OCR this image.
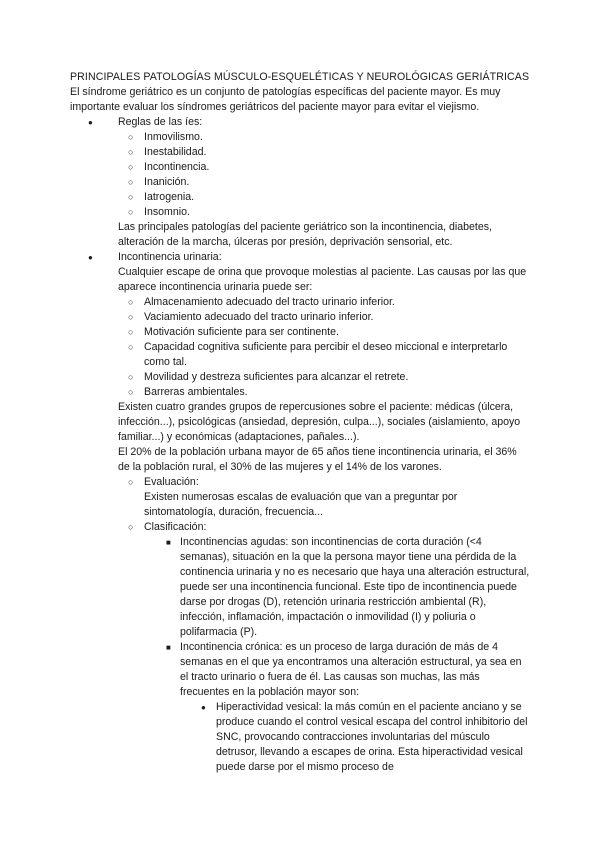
PRINCIPALES PATOLOGÍAS MÚSCULO-ESQUELÉTICAS Y NEUROLÓGICAS GERIÁTRICAS

El síndrome geriátrico es un conjunto de patologías específicas del paciente mayor. Es muy importante evaluar los síndromes geriátricos del paciente mayor para evitar el viejismo.

● Reglas de las íes:
○ Inmovilismo.
○ Inestabilidad.
○ Incontinencia.
○ Inanición.
○ Iatrogenia.
○ Insomnio.

Las principales patologías del paciente geriátrico son la incontinencia, diabetes, alteración de la marcha, úlceras por presión, deprivación sensorial, etc.

● Incontinencia urinaria:

Cualquier escape de orina que provoque molestias al paciente. Las causas por las que aparece incontinencia urinaria puede ser:

○ Almacenamiento adecuado del tracto urinario inferior.
○ Vaciamiento adecuado del tracto urinario inferior.
○ Motivación suficiente para ser continente.
○ Capacidad cognitiva suficiente para percibir el deseo miccional e interpretarlo como tal.
○ Movilidad y destreza suficientes para alcanzar el retrete.
○ Barreras ambientales.

Existen cuatro grandes grupos de repercusiones sobre el paciente: médicas (úlcera, infección...), psicológicas (ansiedad, depresión, culpa...), sociales (aislamiento, apoyo familiar...) y económicas (adaptaciones, pañales...).

El 20% de la población urbana mayor de 65 años tiene incontinencia urinaria, el 36% de la población rural, el 30% de las mujeres y el 14% de los varones.

○ Evaluación:

Existen numerosas escalas de evaluación que van a preguntar por sintomatología, duración, frecuencia...

○ Clasificación:
■ Incontinencias agudas: son incontinencias de corta duración (<4 semanas), situación en la que la persona mayor tiene una pérdida de la continencia urinaria y no es necesario que haya una alteración estructural, puede ser una incontinencia funcional. Este tipo de incontinencia puede darse por drogas (D), retención urinaria restricción ambiental (R), infección, inflamación, impactación o inmovilidad (I) y poliuria o polifarmacia (P).
■ Incontinencia crónica: es un proceso de larga duración de más de 4 semanas en el que ya encontramos una alteración estructural, ya sea en el tracto urinario o fuera de él. Las causas son muchas, las más frecuentes en la población mayor son:
● Hiperactividad vesical: la más común en el paciente anciano y se produce cuando el control vesical escapa del control inhibitorio del SNC, provocando contracciones involuntarias del músculo detrusor, llevando a escapes de orina. Esta hiperactividad vesical puede darse por el mismo proceso de
